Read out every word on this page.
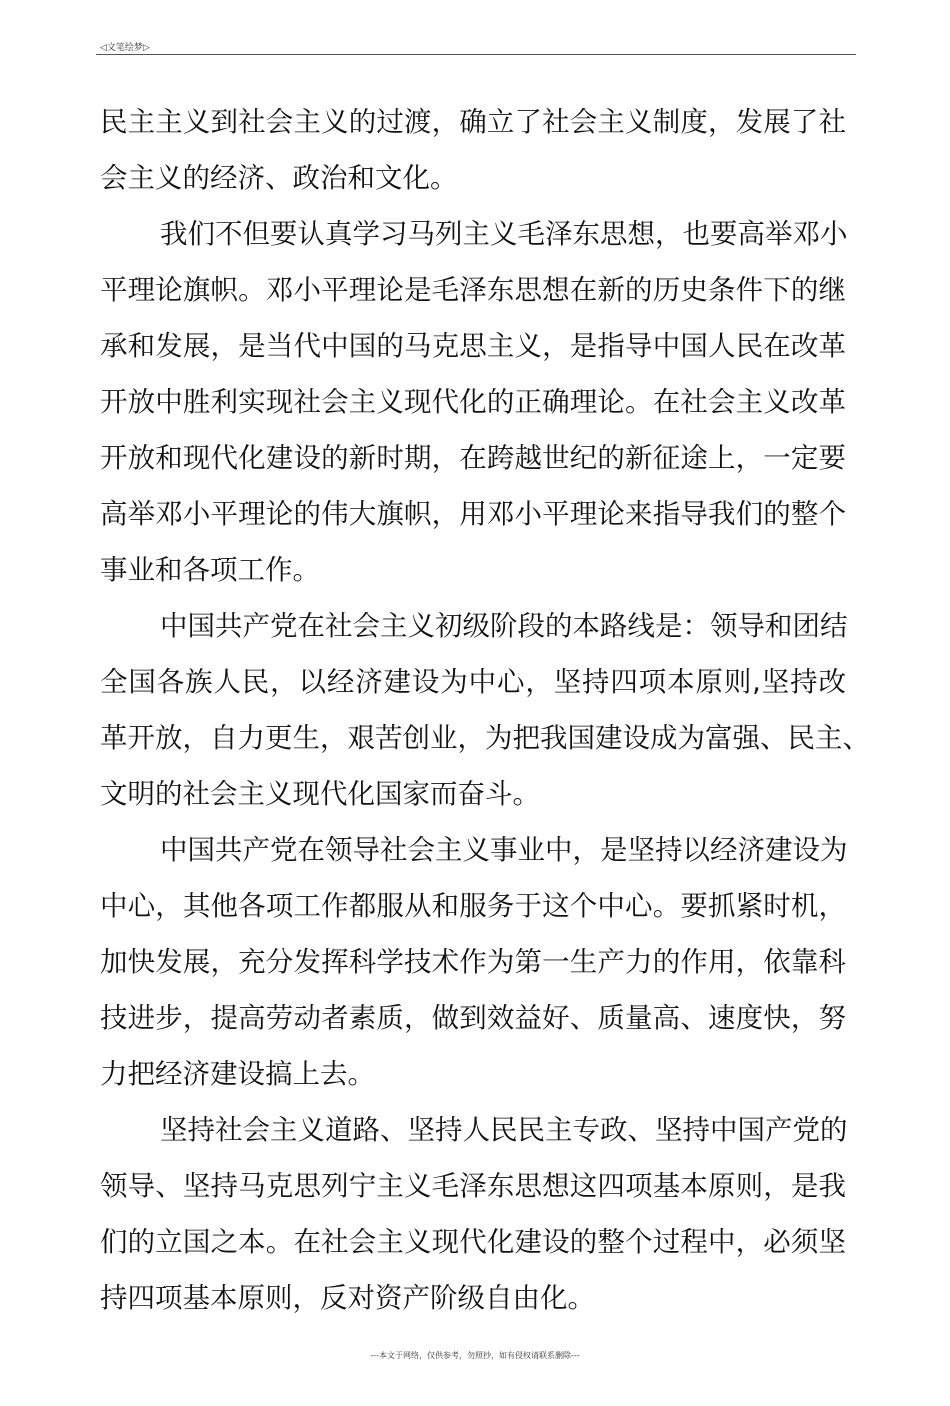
◁文笔绘梦▷
民主主义到社会主义的过渡，确立了社会主义制度，发展了社
会主义的经济、政治和文化。
我们不但要认真学习马列主义毛泽东思想，也要高举邓小
平理论旗帜。邓小平理论是毛泽东思想在新的历史条件下的继
承和发展，是当代中国的马克思主义，是指导中国人民在改革
开放中胜利实现社会主义现代化的正确理论。在社会主义改革
开放和现代化建设的新时期，在跨越世纪的新征途上，一定要
高举邓小平理论的伟大旗帜，用邓小平理论来指导我们的整个
事业和各项工作。
中国共产党在社会主义初级阶段的本路线是：领导和团结
全国各族人民，以经济建设为中心，坚持四项本原则,坚持改
革开放，自力更生，艰苦创业，为把我国建设成为富强、民主、
文明的社会主义现代化国家而奋斗。
中国共产党在领导社会主义事业中，是坚持以经济建设为
中心，其他各项工作都服从和服务于这个中心。要抓紧时机，
加快发展，充分发挥科学技术作为第一生产力的作用，依靠科
技进步，提高劳动者素质，做到效益好、质量高、速度快，努
力把经济建设搞上去。
坚持社会主义道路、坚持人民民主专政、坚持中国产党的
领导、坚持马克思列宁主义毛泽东思想这四项基本原则，是我
们的立国之本。在社会主义现代化建设的整个过程中，必须坚
持四项基本原则，反对资产阶级自由化。
---本文于网络，仅供参考，勿照抄，如有侵权请联系删除---
